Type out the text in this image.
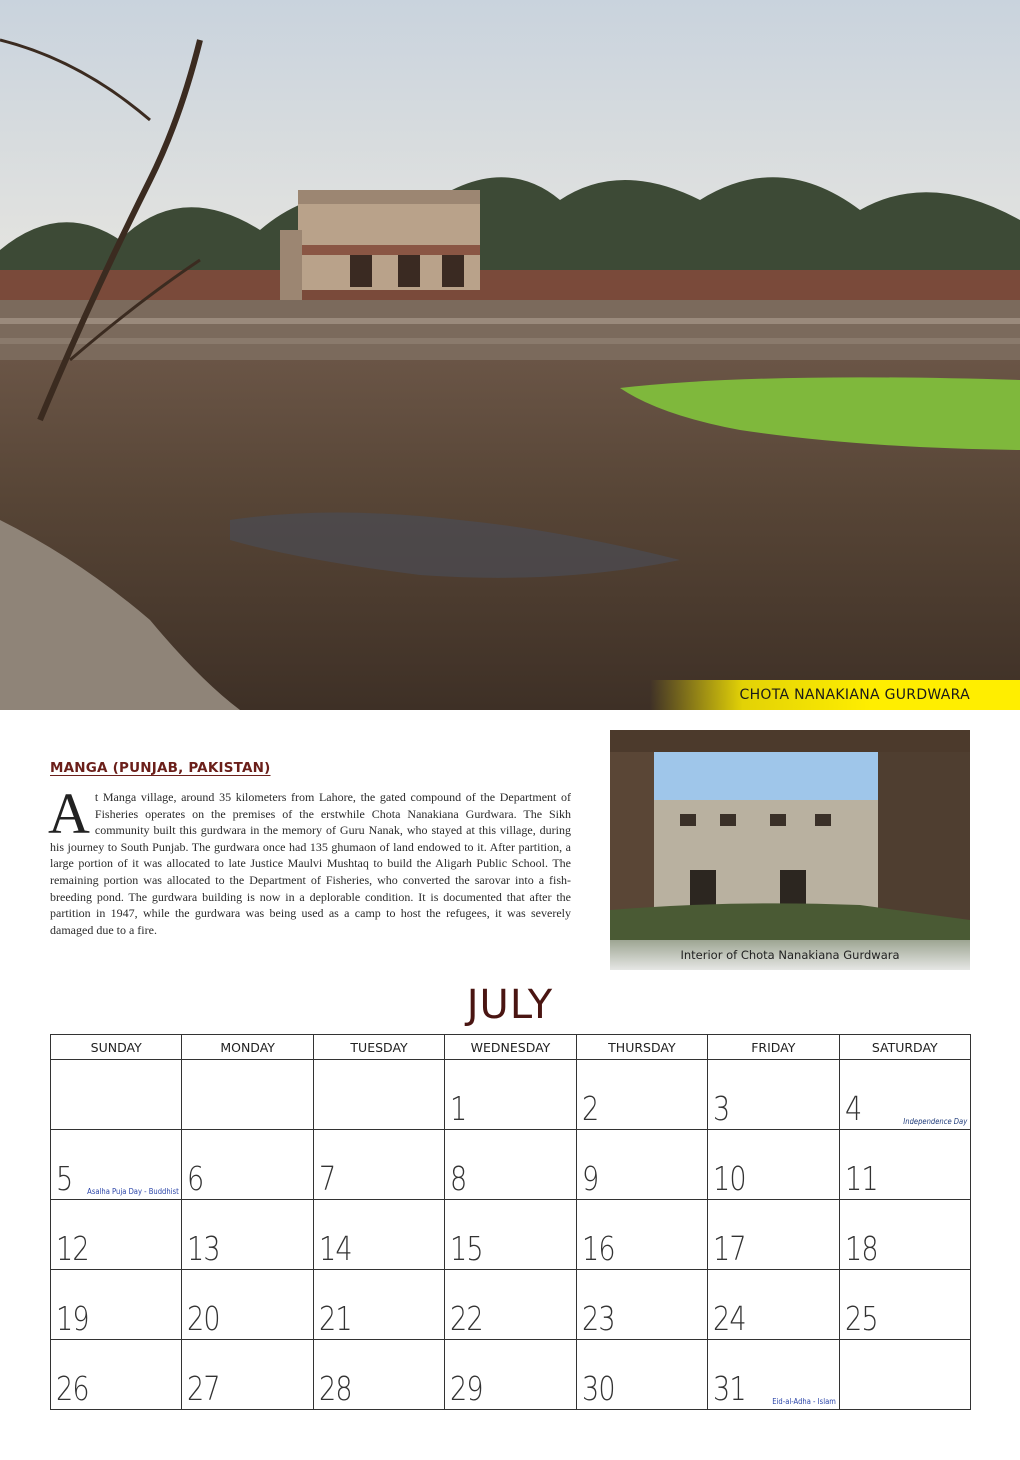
CHOTA NANAKIANA GURDWARA
MANGA (PUNJAB, PAKISTAN)

At Manga village, around 35 kilometers from Lahore, the gated compound of the Department of Fisheries operates on the premises of the erstwhile Chota Nanakiana Gurdwara. The Sikh community built this gurdwara in the memory of Guru Nanak, who stayed at this village, during his journey to South Punjab. The gurdwara once had 135 ghumaon of land endowed to it. After partition, a large portion of it was allocated to late Justice Maulvi Mushtaq to build the Aligarh Public School. The remaining portion was allocated to the Department of Fisheries, who converted the sarovar into a fish-breeding pond. The gurdwara building is now in a deplorable condition. It is documented that after the partition in 1947, while the gurdwara was being used as a camp to host the refugees, it was severely damaged due to a fire.

Interior of Chota Nanakiana Gurdwara
JULY
SUNDAY	MONDAY	TUESDAY	WEDNESDAY	THURSDAY	FRIDAY	SATURDAY

			1	2	3	4 Independence Day

5 Asalha Puja Day - Buddhist	6	7	8	9	10	11

12	13	14	15	16	17	18

19	20	21	22	23	24	25

26	27	28	29	30	31 Eid-al-Adha - Islam	
